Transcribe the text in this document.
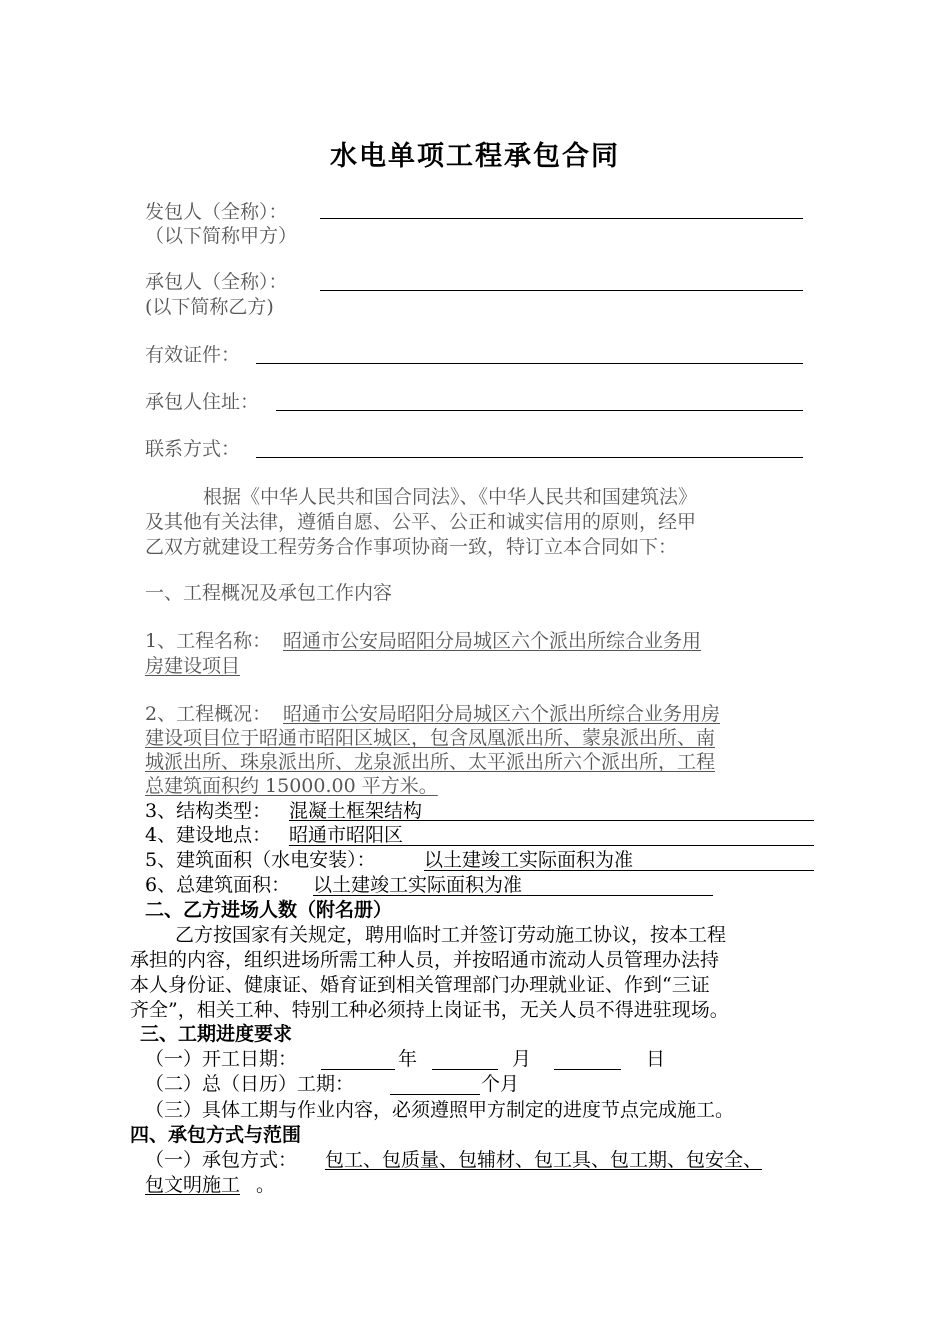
水电单项工程承包合同
发包人（全称）：
（以下简称甲方）
承包人（全称）：
(以下简称乙方)
有效证件：
承包人住址：
联系方式：
根据《中华人民共和国合同法》、《中华人民共和国建筑法》
及其他有关法律，遵循自愿、公平、公正和诚实信用的原则，经甲
乙双方就建设工程劳务合作事项协商一致，特订立本合同如下：
一、工程概况及承包工作内容
1、工程名称： 昭通市公安局昭阳分局城区六个派出所综合业务用
房建设项目
2、工程概况： 昭通市公安局昭阳分局城区六个派出所综合业务用房
建设项目位于昭通市昭阳区城区，包含凤凰派出所、蒙泉派出所、南
城派出所、珠泉派出所、龙泉派出所、太平派出所六个派出所，工程
总建筑面积约 15000.00 平方米。
3、结构类型： 混凝土框架结构
4、建设地点： 昭通市昭阳区
5、建筑面积（水电安装）：	以土建竣工实际面积为准
6、总建筑面积： 以土建竣工实际面积为准
二、乙方进场人数（附名册）
乙方按国家有关规定，聘用临时工并签订劳动施工协议，按本工程
承担的内容，组织进场所需工种人员，并按昭通市流动人员管理办法持
本人身份证、健康证、婚育证到相关管理部门办理就业证、作到“三证
齐全”，相关工种、特别工种必须持上岗证书，无关人员不得进驻现场。
三、工期进度要求
（一）开工日期：	年	月	日
（二）总（日历）工期：	个月
（三）具体工期与作业内容，必须遵照甲方制定的进度节点完成施工。
四、承包方式与范围
（一）承包方式： 包工、包质量、包辅材、包工具、包工期、包安全、
包文明施工 。
